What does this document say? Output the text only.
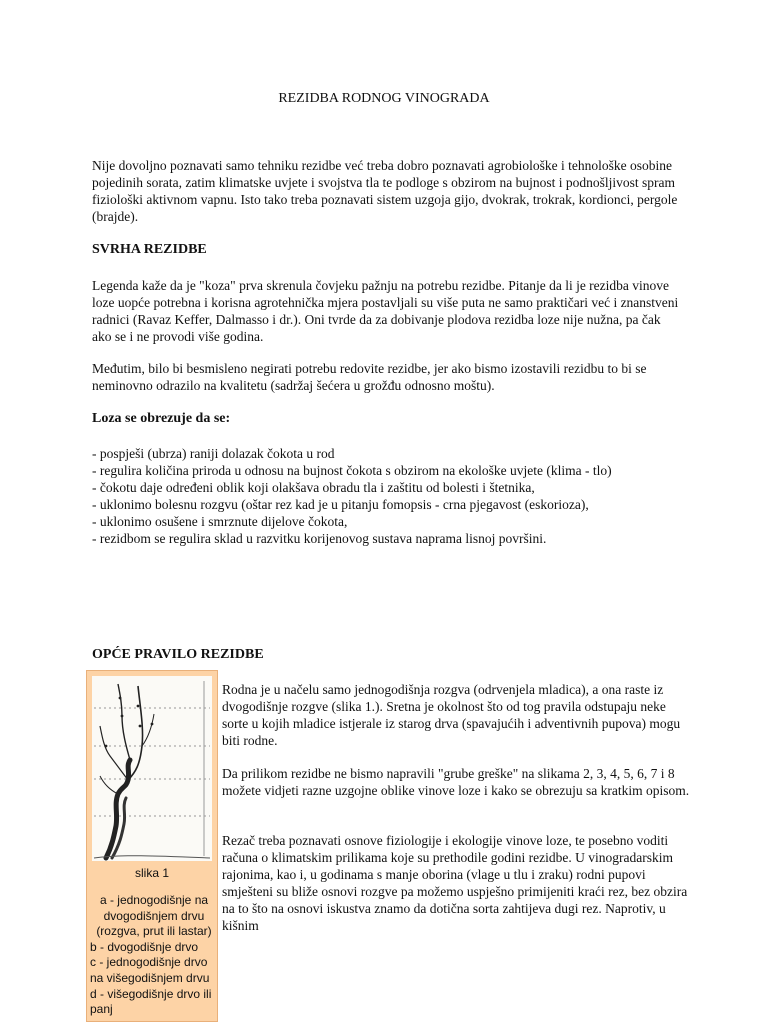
REZIDBA RODNOG VINOGRADA

Nije dovoljno poznavati samo tehniku rezidbe već treba dobro poznavati agrobiološke i tehnološke osobine pojedinih sorata, zatim klimatske uvjete i svojstva tla te podloge s obzirom na bujnost i podnošljivost spram fiziološki aktivnom vapnu. Isto tako treba poznavati sistem uzgoja gijo, dvokrak, trokrak, kordionci, pergole (brajde).

SVRHA REZIDBE

Legenda kaže da je "koza" prva skrenula čovjeku pažnju na potrebu rezidbe. Pitanje da li je rezidba vinove loze uopće potrebna i korisna agrotehnička mjera postavljali su više puta ne samo praktičari već i znanstveni radnici (Ravaz Keffer, Dalmasso i dr.). Oni tvrde da za dobivanje plodova rezidba loze nije nužna, pa čak ako se i ne provodi više godina.

Međutim, bilo bi besmisleno negirati potrebu redovite rezidbe, jer ako bismo izostavili rezidbu to bi se neminovno odrazilo na kvalitetu (sadržaj šećera u grožđu odnosno moštu).

Loza se obrezuje da se:
- pospješi (ubrza) raniji dolazak čokota u rod
- regulira količina priroda u odnosu na bujnost čokota s obzirom na ekološke uvjete (klima - tlo)
- čokotu daje određeni oblik koji olakšava obradu tla i zaštitu od bolesti i štetnika,
- uklonimo bolesnu rozgvu (oštar rez kad je u pitanju fomopsis - crna pjegavost (eskorioza),
- uklonimo osušene i smrznute dijelove čokota,
- rezidbom se regulira sklad u razvitku korijenovog sustava naprama lisnoj površini.
OPĆE PRAVILO REZIDBE
slika 1
a - jednogodišnje na dvogodišnjem drvu (rozgva, prut ili lastar)
b - dvogodišnje drvo
c - jednogodišnje drvo na višegodišnjem drvu
d - višegodišnje drvo ili panj

Rodna je u načelu samo jednogodišnja rozgva (odrvenjela mladica), a ona raste iz dvogodišnje rozgve (slika 1.). Sretna je okolnost što od tog pravila odstupaju neke sorte u kojih mladice istjerale iz starog drva (spavajućih i adventivnih pupova) mogu biti rodne.

Da prilikom rezidbe ne bismo napravili "grube greške" na slikama 2, 3, 4, 5, 6, 7 i 8 možete vidjeti razne uzgojne oblike vinove loze i kako se obrezuju sa kratkim opisom.

Rezač treba poznavati osnove fiziologije i ekologije vinove loze, te posebno voditi računa o klimatskim prilikama koje su prethodile godini rezidbe. U vinogradarskim rajonima, kao i, u godinama s manje oborina (vlage u tlu i zraku) rodni pupovi smješteni su bliže osnovi rozgve pa možemo uspješno primijeniti kraći rez, bez obzira na to što na osnovi iskustva znamo da dotična sorta zahtijeva dugi rez. Naprotiv, u kišnim
